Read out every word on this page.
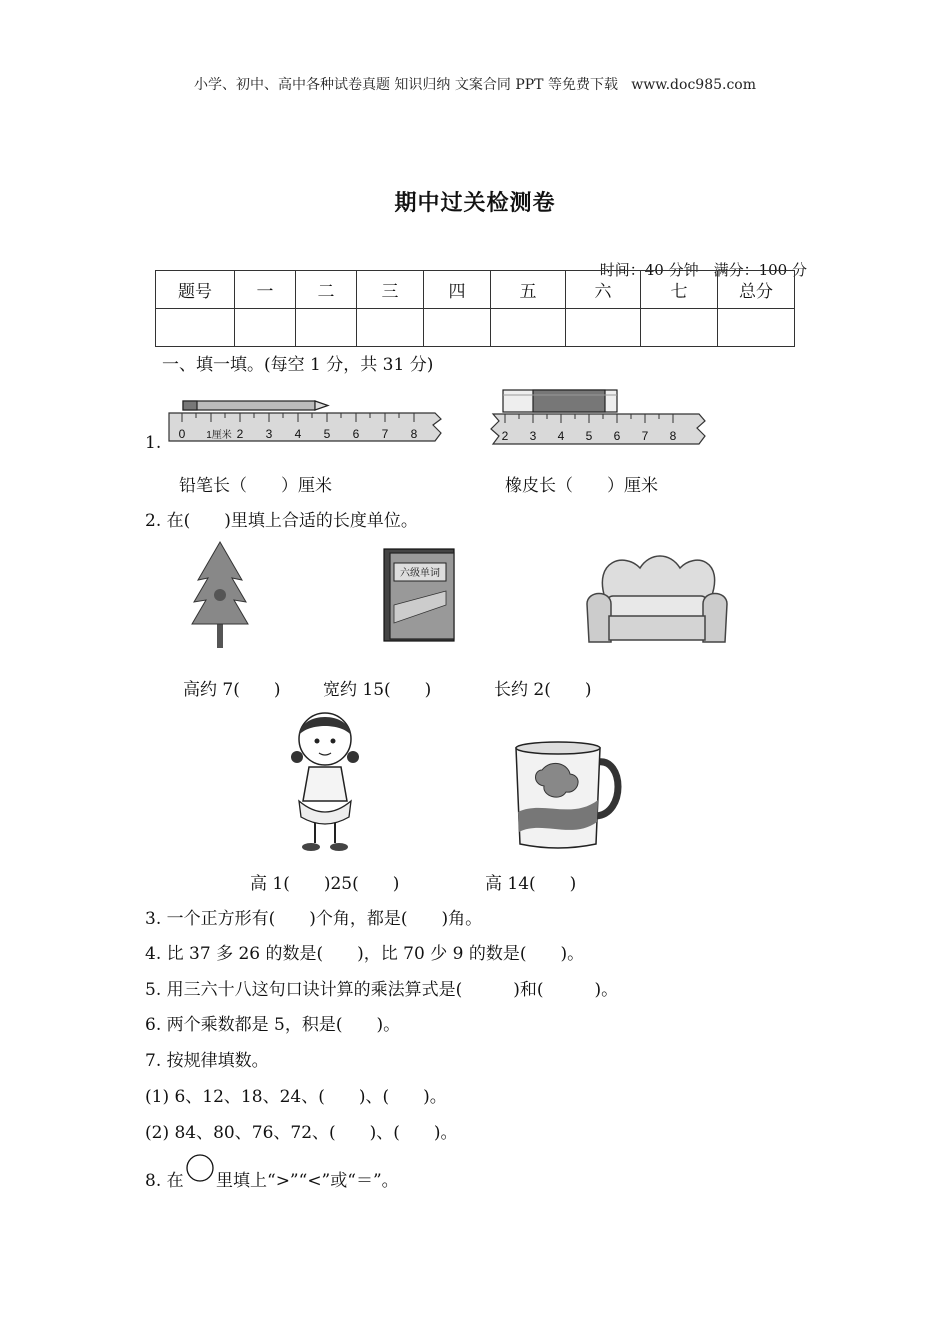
小学、初中、高中各种试卷真题 知识归纳 文案合同 PPT 等免费下载   www.doc985.com
期中过关检测卷

时间：40 分钟　 满分：100 分

题号	一	二	三	四	五	六	七	总分

一、填一填。(每空 1 分，共 31 分)
1. 0 1厘米 2 3 4 5 6 7 8	2 3 4 5 6 7 8
铅笔长（　　）厘米	橡皮长（　　）厘米
2. 在(　　)里填上合适的长度单位。
六级单词
高约 7(　　)	宽约 15(　　)	长约 2(　　)
高 1(　　)25(　　)	高 14(　　)
3. 一个正方形有(　　)个角，都是(　　)角。
4. 比 37 多 26 的数是(　　)，比 70 少 9 的数是(　　)。
5. 用三六十八这句口诀计算的乘法算式是(　　　)和(　　　)。
6. 两个乘数都是 5，积是(　　)。
7. 按规律填数。
(1) 6、12、18、24、(　　)、(　　)。
(2) 84、80、76、72、(　　)、(　　)。
8. 在 里填上“>”“<”或“＝”。
